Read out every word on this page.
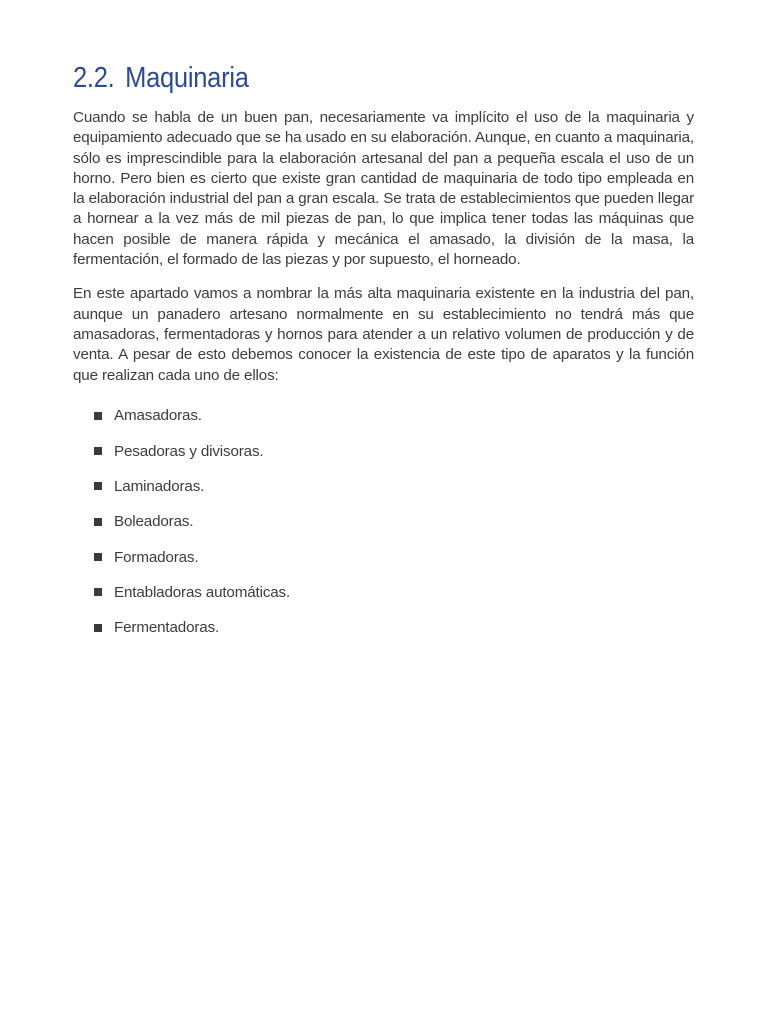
2.2. Maquinaria

Cuando se habla de un buen pan, necesariamente va implícito el uso de la maquinaria y equipamiento adecuado que se ha usado en su elaboración. Aunque, en cuanto a maquinaria, sólo es imprescindible para la elaboración artesanal del pan a pequeña escala el uso de un horno. Pero bien es cierto que existe gran cantidad de maquinaria de todo tipo empleada en la elaboración industrial del pan a gran escala. Se trata de establecimientos que pueden llegar a hornear a la vez más de mil piezas de pan, lo que implica tener todas las máquinas que hacen posible de manera rápida y mecánica el amasado, la división de la masa, la fermentación, el formado de las piezas y por supuesto, el horneado.

En este apartado vamos a nombrar la más alta maquinaria existente en la industria del pan, aunque un panadero artesano normalmente en su establecimiento no tendrá más que amasadoras, fermentadoras y hornos para atender a un relativo volumen de producción y de venta. A pesar de esto debemos conocer la existencia de este tipo de aparatos y la función que realizan cada uno de ellos:

Amasadoras.
Pesadoras y divisoras.
Laminadoras.
Boleadoras.
Formadoras.
Entabladoras automáticas.
Fermentadoras.
